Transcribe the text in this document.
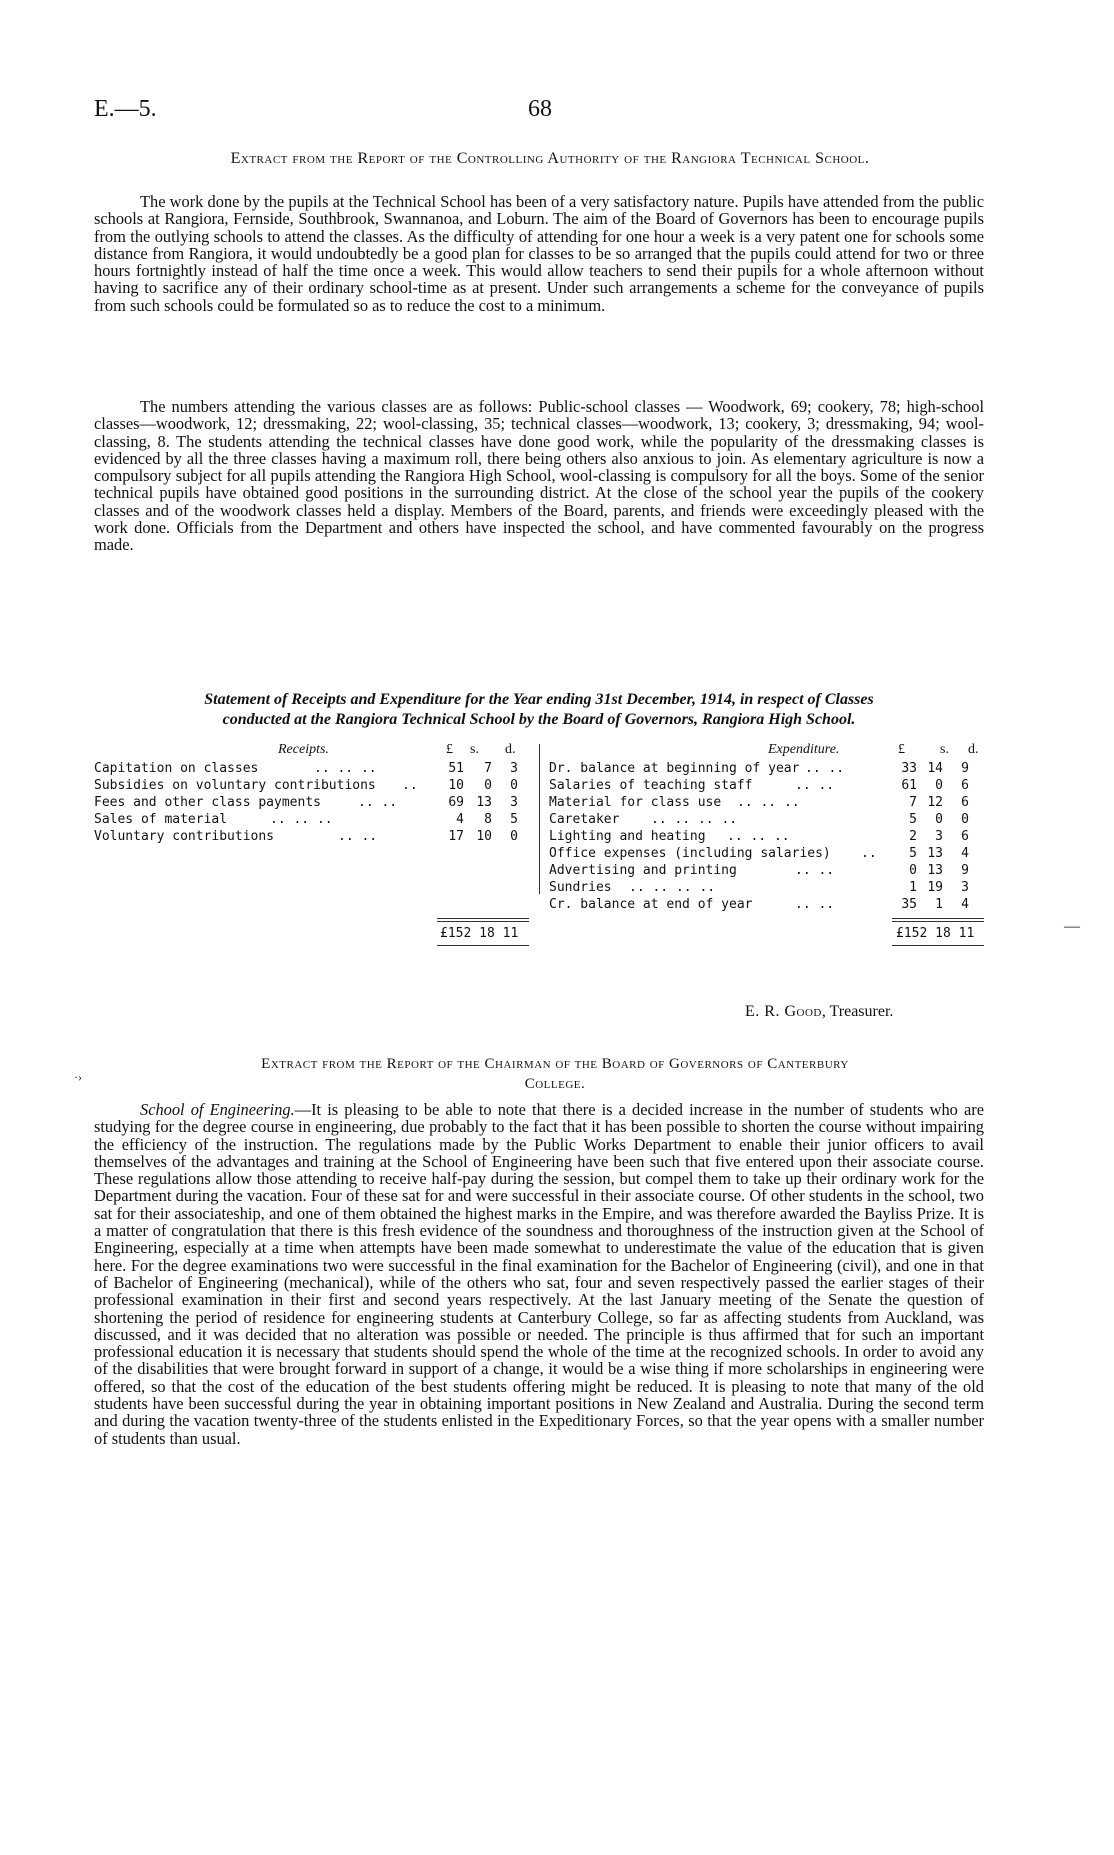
E.—5.	68
Extract from the Report of the Controlling Authority of the Rangiora Technical School.
The work done by the pupils at the Technical School has been of a very satisfactory nature. Pupils have attended from the public schools at Rangiora, Fernside, Southbrook, Swannanoa, and Loburn. The aim of the Board of Governors has been to encourage pupils from the outlying schools to attend the classes. As the difficulty of attending for one hour a week is a very patent one for schools some distance from Rangiora, it would undoubtedly be a good plan for classes to be so arranged that the pupils could attend for two or three hours fortnightly instead of half the time once a week. This would allow teachers to send their pupils for a whole afternoon without having to sacrifice any of their ordinary school-time as at present. Under such arrangements a scheme for the conveyance of pupils from such schools could be formulated so as to reduce the cost to a minimum.
The numbers attending the various classes are as follows: Public-school classes — Woodwork, 69; cookery, 78; high-school classes—woodwork, 12; dressmaking, 22; wool-classing, 35; technical classes—woodwork, 13; cookery, 3; dressmaking, 94; wool-classing, 8. The students attending the technical classes have done good work, while the popularity of the dressmaking classes is evidenced by all the three classes having a maximum roll, there being others also anxious to join. As elementary agriculture is now a compulsory subject for all pupils attending the Rangiora High School, wool-classing is compulsory for all the boys. Some of the senior technical pupils have obtained good positions in the surrounding district. At the close of the school year the pupils of the cookery classes and of the woodwork classes held a display. Members of the Board, parents, and friends were exceedingly pleased with the work done. Officials from the Department and others have inspected the school, and have commented favourably on the progress made.
Statement of Receipts and Expenditure for the Year ending 31st December, 1914, in respect of Classes
conducted at the Rangiora Technical School by the Board of Governors, Rangiora High School.
Receipts.	£ s. d.	Expenditure.	£	s. d.
Capitation on classes	.. .. ..	51	7	3
Subsidies on voluntary contributions ..	10	0	0
Fees and other class payments	.. ..	69 13	3
Sales of material	.. .. ..	4	8	5
Voluntary contributions	.. ..	17 10	0
Dr. balance at beginning of year .. ..	33 14	9
Salaries of teaching staff	.. ..	61	0	6
Material for class use .. .. ..	7 12	6
Caretaker .. .. .. ..	5	0	0
Lighting and heating .. .. ..	2	3	6
Office expenses (including salaries) ..	5 13	4
Advertising and printing	.. ..	0 13	9
Sundries .. .. .. ..	1 19	3
Cr. balance at end of year	.. ..	35	1	4
£152 18 11	£152 18 11	—
E. R. Good, Treasurer.
Extract from the Report of the Chairman of the Board of Governors of Canterbury
College.
·›
School of Engineering.—It is pleasing to be able to note that there is a decided increase in the number of students who are studying for the degree course in engineering, due probably to the fact that it has been possible to shorten the course without impairing the efficiency of the instruction. The regulations made by the Public Works Department to enable their junior officers to avail themselves of the advantages and training at the School of Engineering have been such that five entered upon their associate course. These regulations allow those attending to receive half-pay during the session, but compel them to take up their ordinary work for the Department during the vacation. Four of these sat for and were successful in their associate course. Of other students in the school, two sat for their associateship, and one of them obtained the highest marks in the Empire, and was therefore awarded the Bayliss Prize. It is a matter of congratulation that there is this fresh evidence of the soundness and thoroughness of the instruction given at the School of Engineering, especially at a time when attempts have been made somewhat to underestimate the value of the education that is given here. For the degree examinations two were successful in the final examination for the Bachelor of Engineering (civil), and one in that of Bachelor of Engineering (mechanical), while of the others who sat, four and seven respectively passed the earlier stages of their professional examination in their first and second years respectively. At the last January meeting of the Senate the question of shortening the period of residence for engineering students at Canterbury College, so far as affecting students from Auckland, was discussed, and it was decided that no alteration was possible or needed. The principle is thus affirmed that for such an important professional education it is necessary that students should spend the whole of the time at the recognized schools. In order to avoid any of the disabilities that were brought forward in support of a change, it would be a wise thing if more scholarships in engineering were offered, so that the cost of the education of the best students offering might be reduced. It is pleasing to note that many of the old students have been successful during the year in obtaining important positions in New Zealand and Australia. During the second term and during the vacation twenty-three of the students enlisted in the Expeditionary Forces, so that the year opens with a smaller number of students than usual.
